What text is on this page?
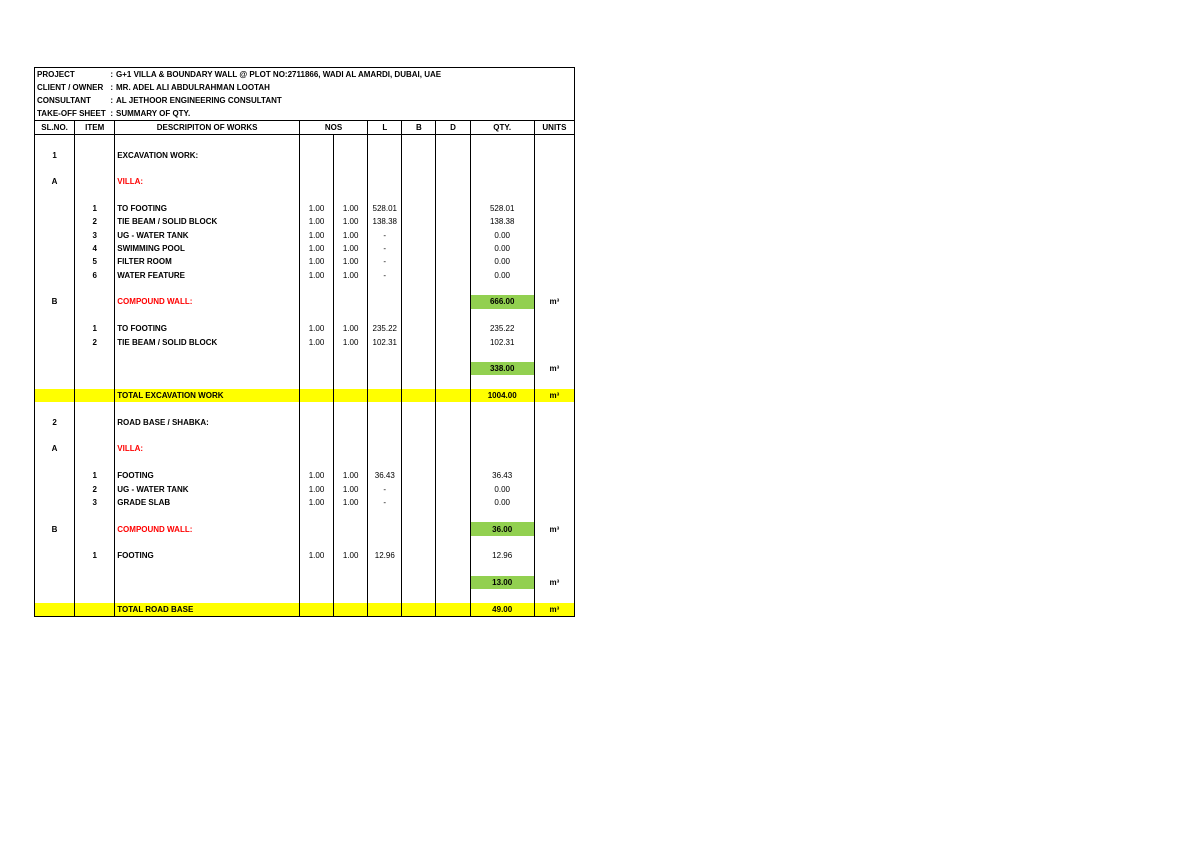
PROJECT	: G+1 VILLA & BOUNDARY WALL @ PLOT NO:2711866, WADI AL AMARDI, DUBAI, UAE
CLIENT / OWNER : MR. ADEL ALI ABDULRAHMAN LOOTAH
CONSULTANT : AL JETHOOR ENGINEERING CONSULTANT
TAKE-OFF SHEET : SUMMARY OF QTY.
SL.NO.	ITEM	DESCRIPITON OF WORKS	NOS		L	B	D	QTY.	UNITS

1		EXCAVATION WORK:							

A		VILLA:							

	1	TO FOOTING	1.00	1.00	528.01			528.01	
	2	TIE BEAM / SOLID BLOCK	1.00	1.00	138.38			138.38	
	3	UG - WATER TANK	1.00	1.00	-			0.00	
	4	SWIMMING POOL	1.00	1.00	-			0.00	
	5	FILTER ROOM	1.00	1.00	-			0.00	
	6	WATER FEATURE	1.00	1.00	-			0.00	

B		COMPOUND WALL:						666.00	m³

	1	TO FOOTING	1.00	1.00	235.22			235.22	
	2	TIE BEAM / SOLID BLOCK	1.00	1.00	102.31			102.31	

								338.00	m³

		TOTAL EXCAVATION WORK						1004.00	m³

2		ROAD BASE / SHABKA:							

A		VILLA:							

	1	FOOTING	1.00	1.00	36.43			36.43	
	2	UG - WATER TANK	1.00	1.00	-			0.00	
	3	GRADE SLAB	1.00	1.00	-			0.00	

B		COMPOUND WALL:						36.00	m³

	1	FOOTING	1.00	1.00	12.96			12.96	

								13.00	m³

		TOTAL ROAD BASE						49.00	m³
